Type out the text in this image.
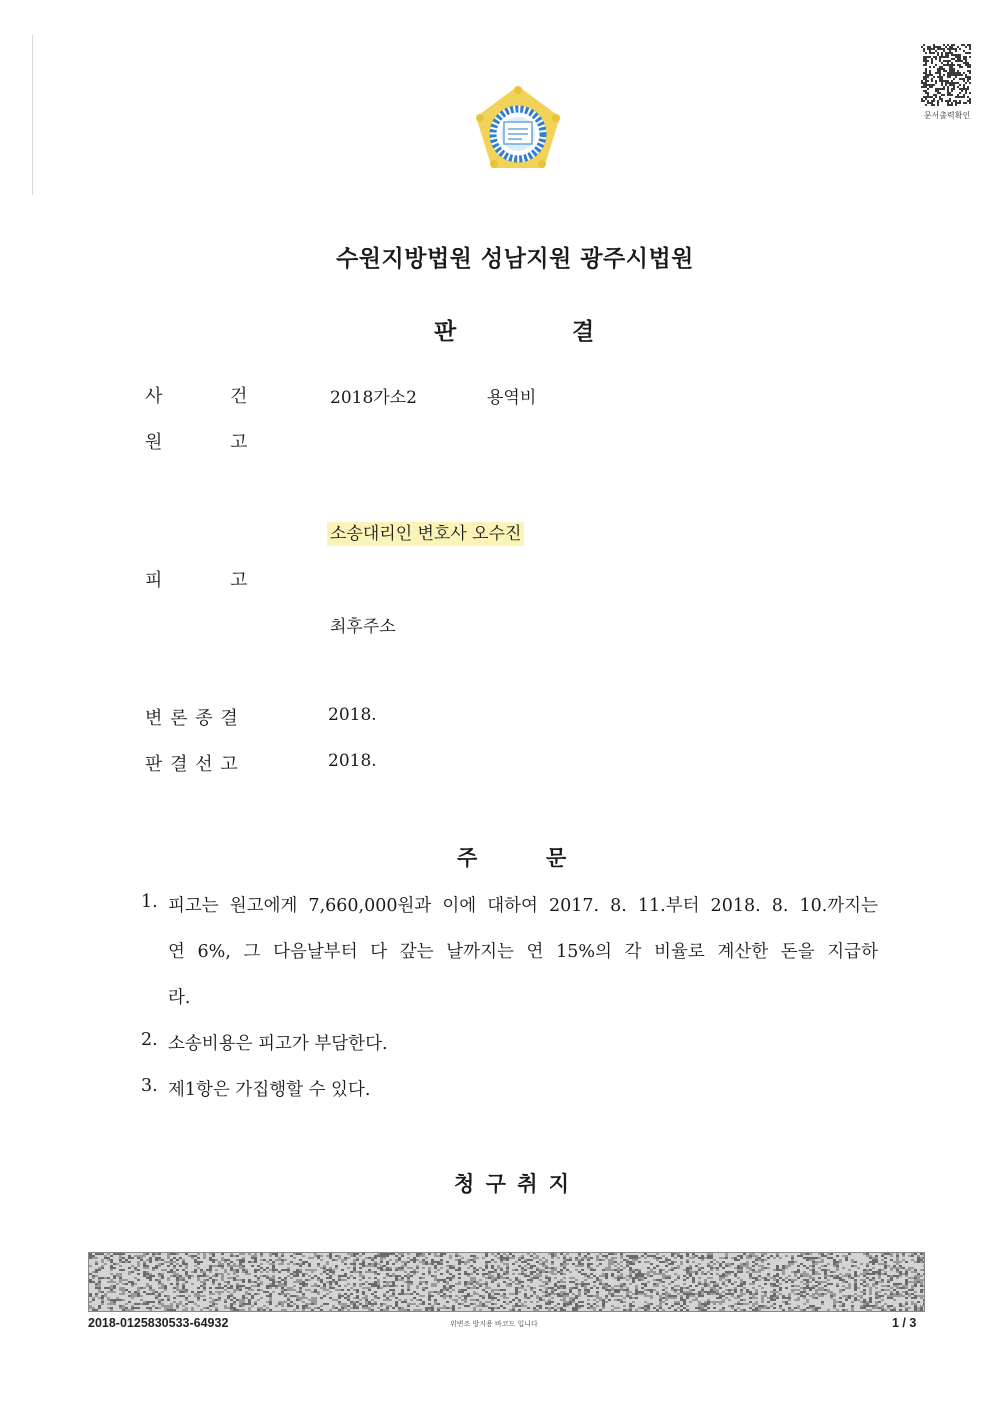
문서출력확인
수원지방법원 성남지원 광주시법원
판	결
사	건	2018가소2	용역비
원	고
소송대리인 변호사 오수진
피	고
최후주소
변 론 종 결	2018.
판 결 선 고	2018.
주	문
1. 피고는 원고에게 7,660,000원과 이에 대하여 2017. 8. 11.부터 2018. 8. 10.까지는
연 6%, 그 다음날부터 다 갚는 날까지는 연 15%의 각 비율로 계산한 돈을 지급하
라.
2. 소송비용은 피고가 부담한다.
3. 제1항은 가집행할 수 있다.
청 구 취 지
2018-0125830533-64932	위변조 방지용 바코드 입니다	1 / 3
